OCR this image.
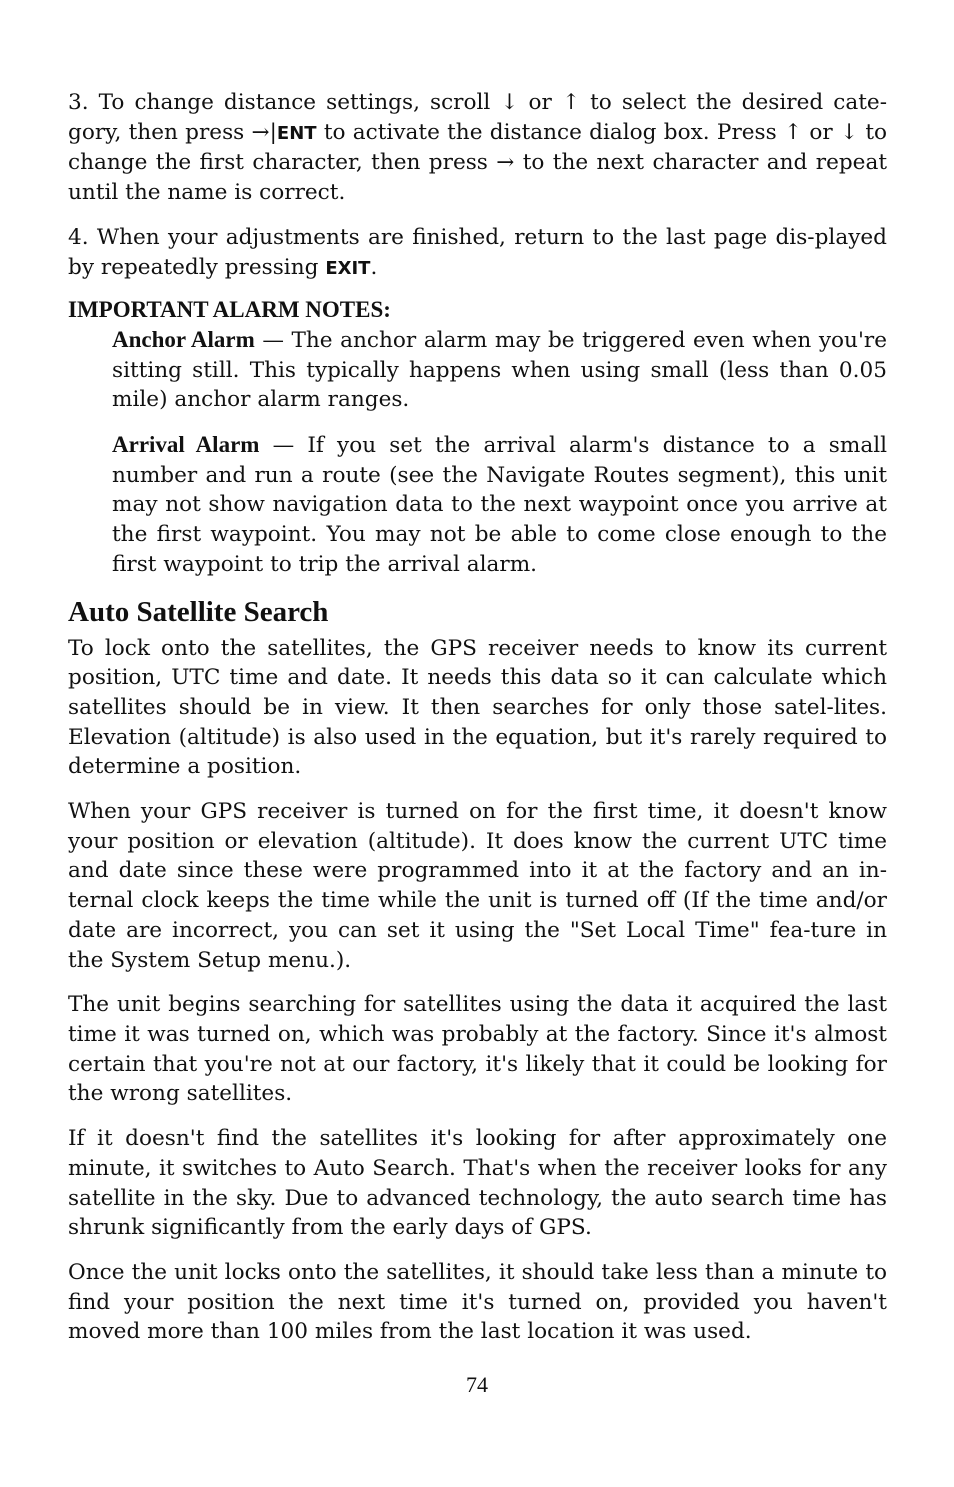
3. To change distance settings, scroll ↓ or ↑ to select the desired cate-gory, then press →|ENT to activate the distance dialog box. Press ↑ or ↓ to change the first character, then press → to the next character and repeat until the name is correct.

4. When your adjustments are finished, return to the last page dis-played by repeatedly pressing EXIT.

IMPORTANT ALARM NOTES:

Anchor Alarm — The anchor alarm may be triggered even when you're sitting still. This typically happens when using small (less than 0.05 mile) anchor alarm ranges.

Arrival Alarm — If you set the arrival alarm's distance to a small number and run a route (see the Navigate Routes segment), this unit may not show navigation data to the next waypoint once you arrive at the first waypoint. You may not be able to come close enough to the first waypoint to trip the arrival alarm.

Auto Satellite Search

To lock onto the satellites, the GPS receiver needs to know its current position, UTC time and date. It needs this data so it can calculate which satellites should be in view. It then searches for only those satel-lites. Elevation (altitude) is also used in the equation, but it's rarely required to determine a position.

When your GPS receiver is turned on for the first time, it doesn't know your position or elevation (altitude). It does know the current UTC time and date since these were programmed into it at the factory and an in-ternal clock keeps the time while the unit is turned off (If the time and/or date are incorrect, you can set it using the "Set Local Time" fea-ture in the System Setup menu.).

The unit begins searching for satellites using the data it acquired the last time it was turned on, which was probably at the factory. Since it's almost certain that you're not at our factory, it's likely that it could be looking for the wrong satellites.

If it doesn't find the satellites it's looking for after approximately one minute, it switches to Auto Search. That's when the receiver looks for any satellite in the sky. Due to advanced technology, the auto search time has shrunk significantly from the early days of GPS.

Once the unit locks onto the satellites, it should take less than a minute to find your position the next time it's turned on, provided you haven't moved more than 100 miles from the last location it was used.

74
